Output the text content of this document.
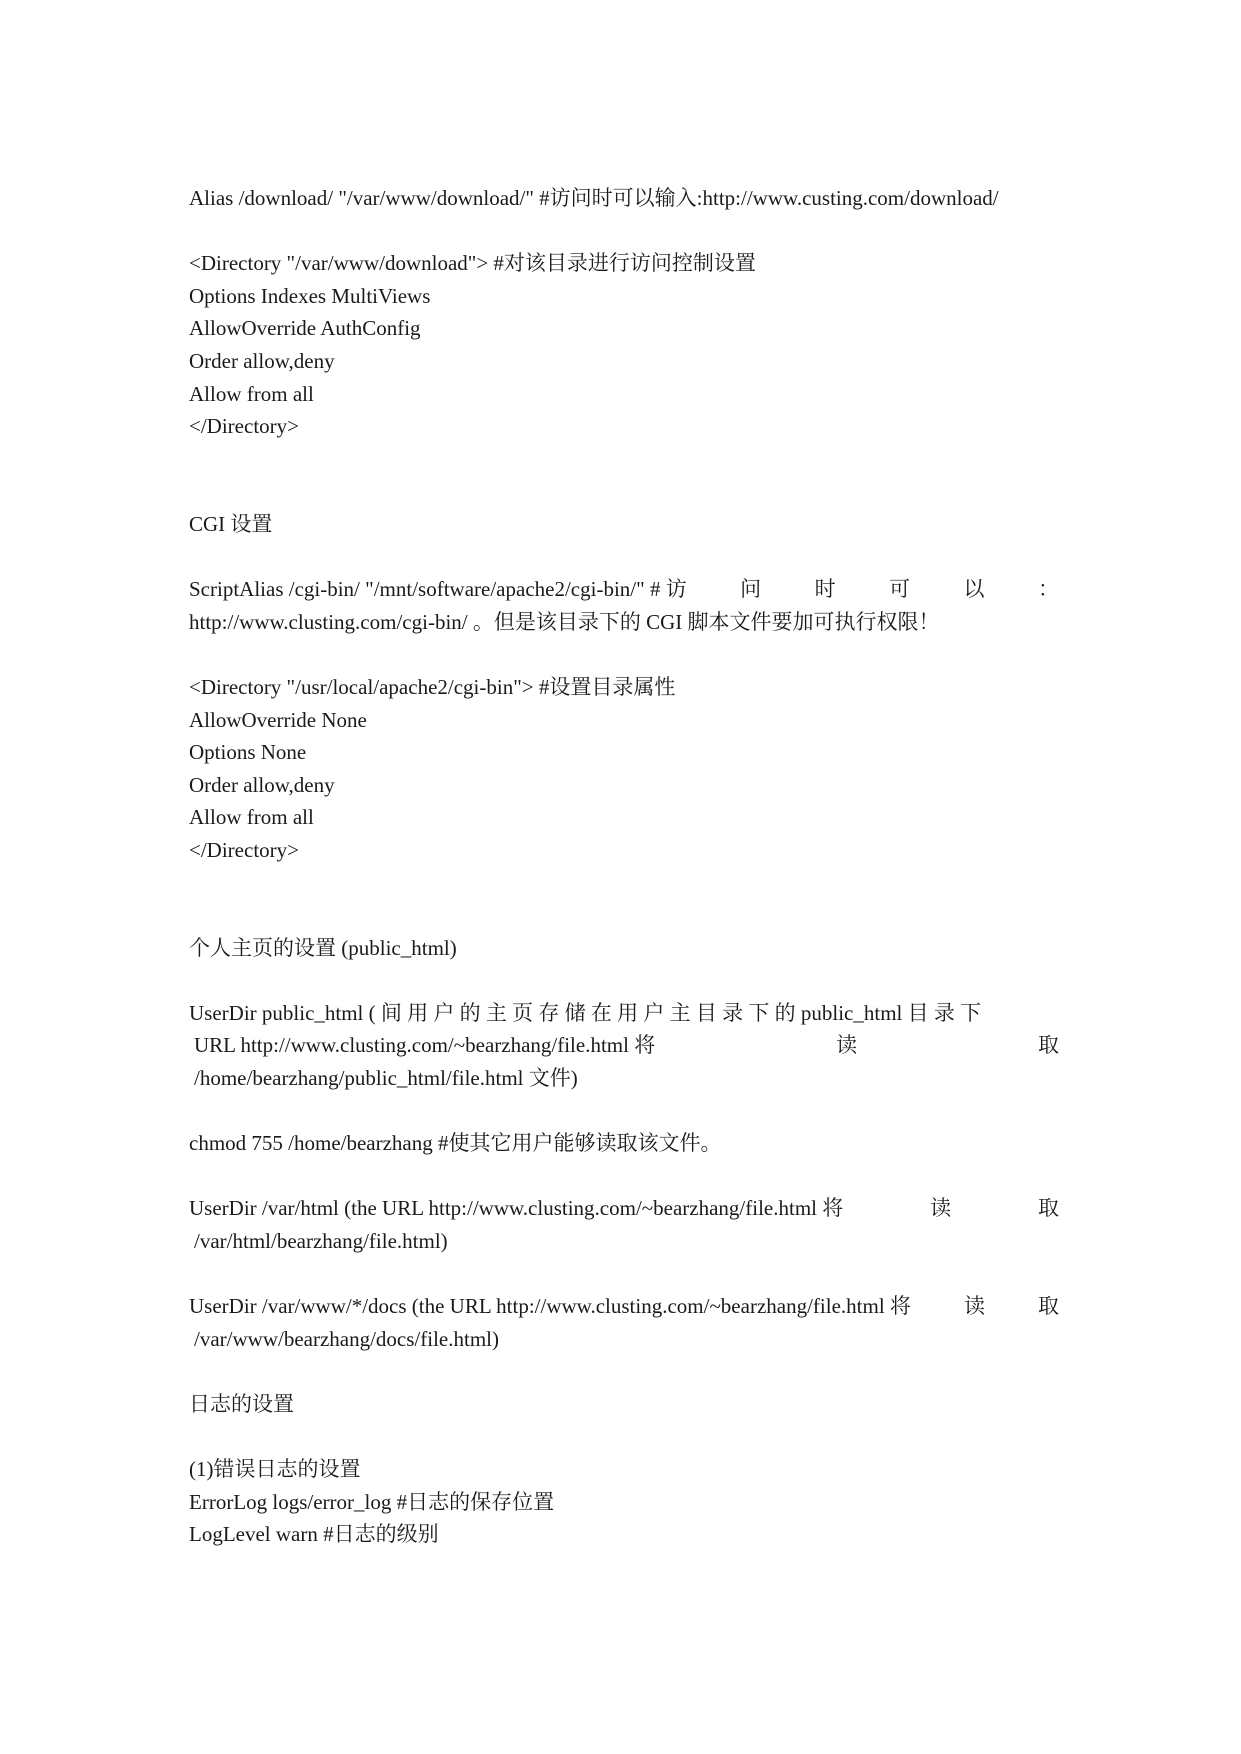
Alias /download/ "/var/www/download/" #访问时可以输入:http://www.custing.com/download/
<Directory "/var/www/download"> #对该目录进行访问控制设置
Options Indexes MultiViews
AllowOverride AuthConfig
Order allow,deny
Allow from all
</Directory>
CGI 设置
ScriptAlias /cgi-bin/ "/mnt/software/apache2/cgi-bin/" # 访	问	时	可	以	：
http://www.clusting.com/cgi-bin/ 。但是该目录下的 CGI 脚本文件要加可执行权限！
<Directory "/usr/local/apache2/cgi-bin"> #设置目录属性
AllowOverride None
Options None
Order allow,deny
Allow from all
</Directory>
个人主页的设置 (public_html)
UserDir public_html ( 间 用 户 的 主 页 存 储 在 用 户 主 目 录 下 的 public_html 目 录 下
URL http://www.clusting.com/~bearzhang/file.html 将	读	取
/home/bearzhang/public_html/file.html 文件)
chmod 755 /home/bearzhang #使其它用户能够读取该文件。
UserDir /var/html (the URL http://www.clusting.com/~bearzhang/file.html 将	读	取
/var/html/bearzhang/file.html)
UserDir /var/www/*/docs (the URL http://www.clusting.com/~bearzhang/file.html 将	读	取
/var/www/bearzhang/docs/file.html)
日志的设置
(1)错误日志的设置
ErrorLog logs/error_log #日志的保存位置
LogLevel warn #日志的级别
